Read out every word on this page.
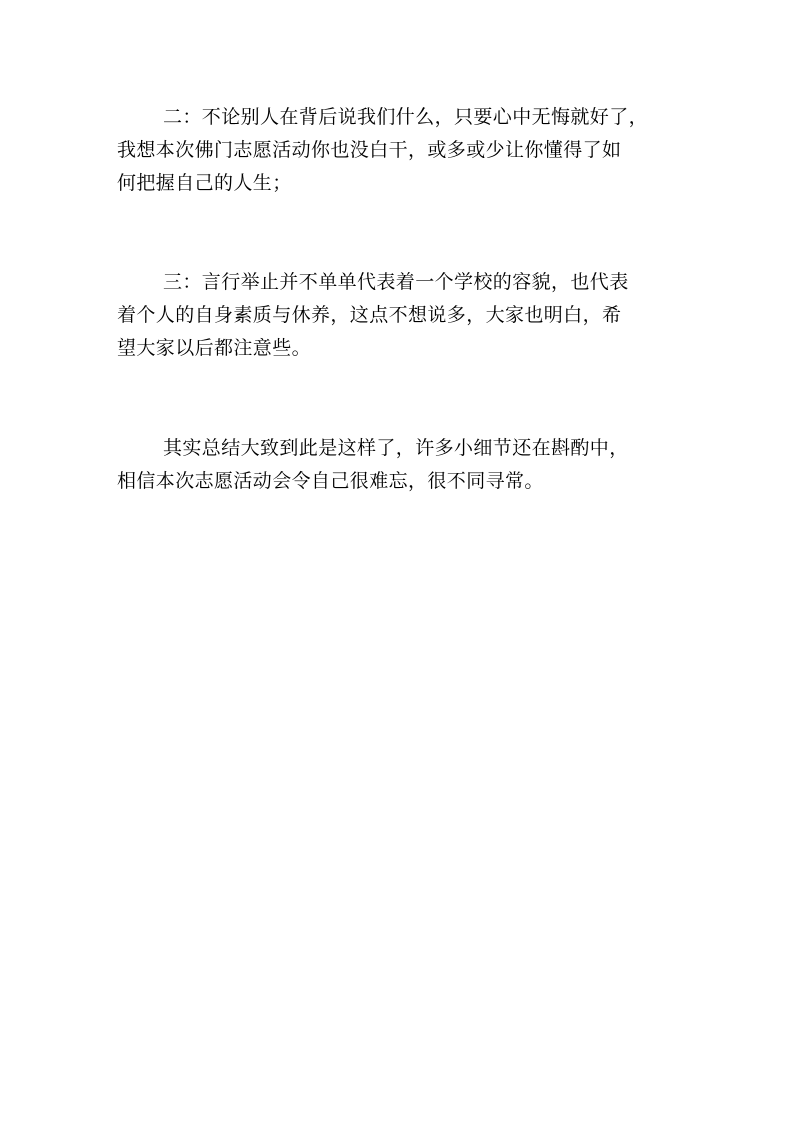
二：不论别人在背后说我们什么，只要心中无悔就好了，
我想本次佛门志愿活动你也没白干，或多或少让你懂得了如
何把握自己的人生；
三：言行举止并不单单代表着一个学校的容貌，也代表
着个人的自身素质与休养，这点不想说多，大家也明白，希
望大家以后都注意些。
其实总结大致到此是这样了，许多小细节还在斟酌中，
相信本次志愿活动会令自己很难忘，很不同寻常。
